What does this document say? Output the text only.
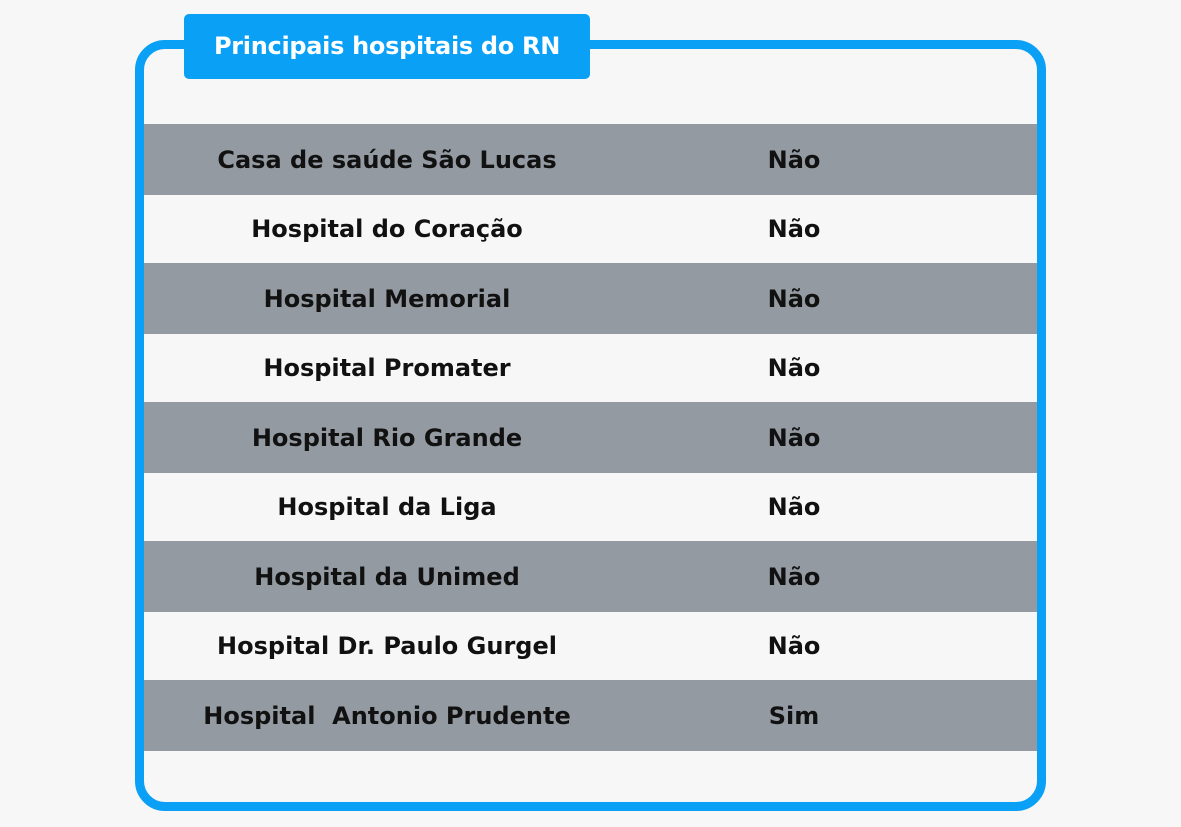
Principais hospitais do RN
Casa de saúde São Lucas	Não
Hospital do Coração	Não
Hospital Memorial	Não
Hospital Promater	Não
Hospital Rio Grande	Não
Hospital da Liga	Não
Hospital da Unimed	Não
Hospital Dr. Paulo Gurgel	Não
Hospital  Antonio Prudente	Sim
